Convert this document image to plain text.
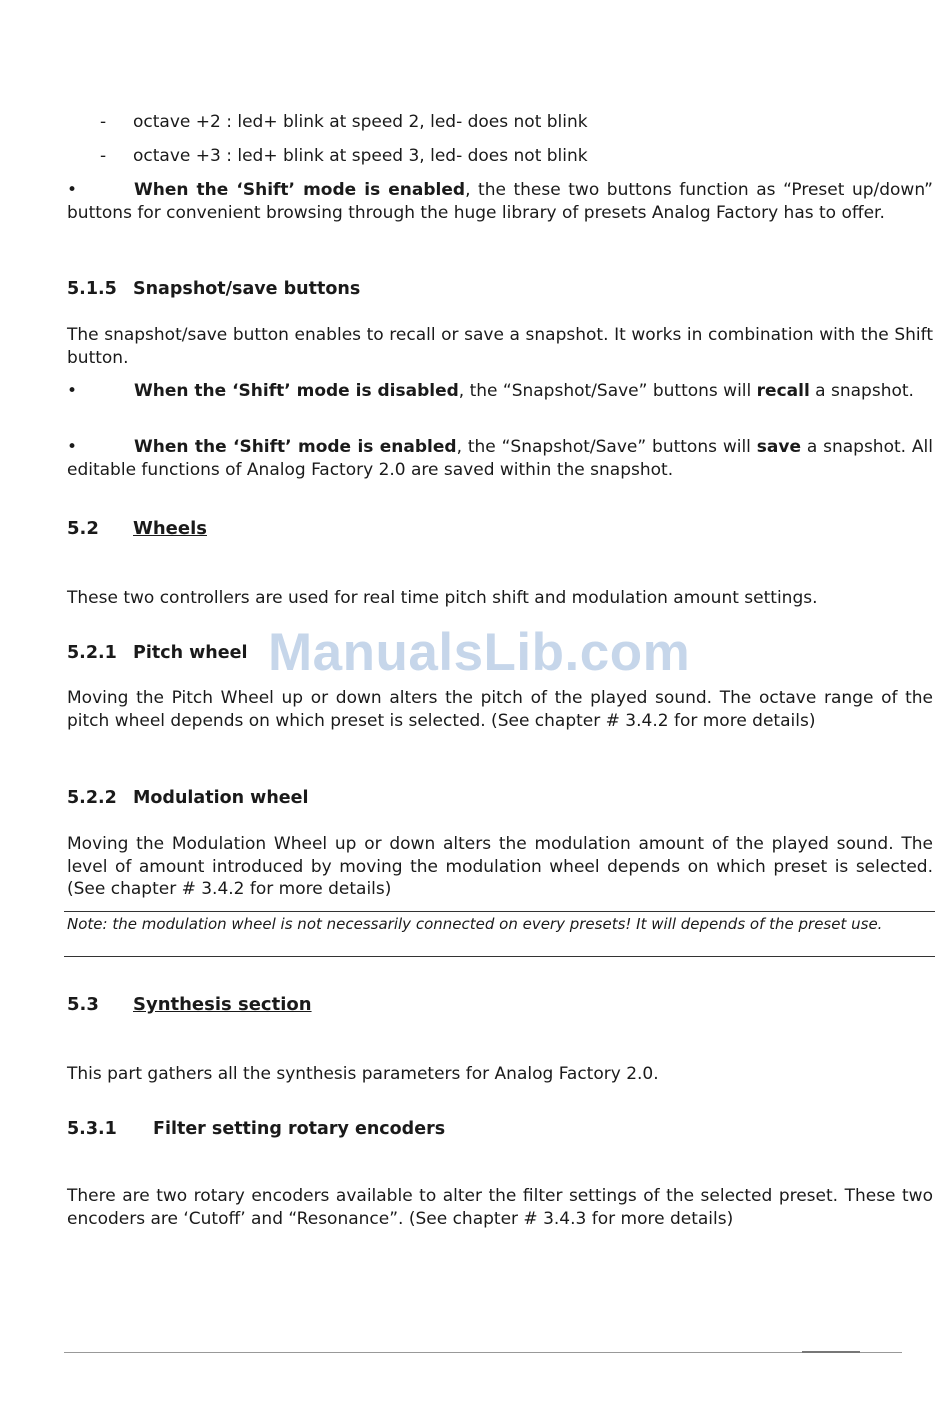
- octave +2 : led+ blink at speed 2, led- does not blink
- octave +3 : led+ blink at speed 3, led- does not blink
•	When the ‘Shift’ mode is enabled, the these two buttons function as “Preset up/down” buttons for convenient browsing through the huge library of presets Analog Factory has to offer.
5.1.5 Snapshot/save buttons
The snapshot/save button enables to recall or save a snapshot. It works in combination with the Shift button.
•	When the ‘Shift’ mode is disabled, the “Snapshot/Save” buttons will recall a snapshot.
•	When the ‘Shift’ mode is enabled, the “Snapshot/Save” buttons will save a snapshot. All editable functions of Analog Factory 2.0 are saved within the snapshot.
5.2 Wheels
These two controllers are used for real time pitch shift and modulation amount settings.
5.2.1 Pitch wheel ManualsLib.com
Moving the Pitch Wheel up or down alters the pitch of the played sound. The octave range of the pitch wheel depends on which preset is selected. (See chapter # 3.4.2 for more details)
5.2.2 Modulation wheel
Moving the Modulation Wheel up or down alters the modulation amount of the played sound. The level of amount introduced by moving the modulation wheel depends on which preset is selected. (See chapter # 3.4.2 for more details)
Note: the modulation wheel is not necessarily connected on every presets! It will depends of the preset use.
5.3 Synthesis section
This part gathers all the synthesis parameters for Analog Factory 2.0.
5.3.1 Filter setting rotary encoders
There are two rotary encoders available to alter the filter settings of the selected preset. These two encoders are ‘Cutoff’ and “Resonance”. (See chapter # 3.4.3 for more details)
